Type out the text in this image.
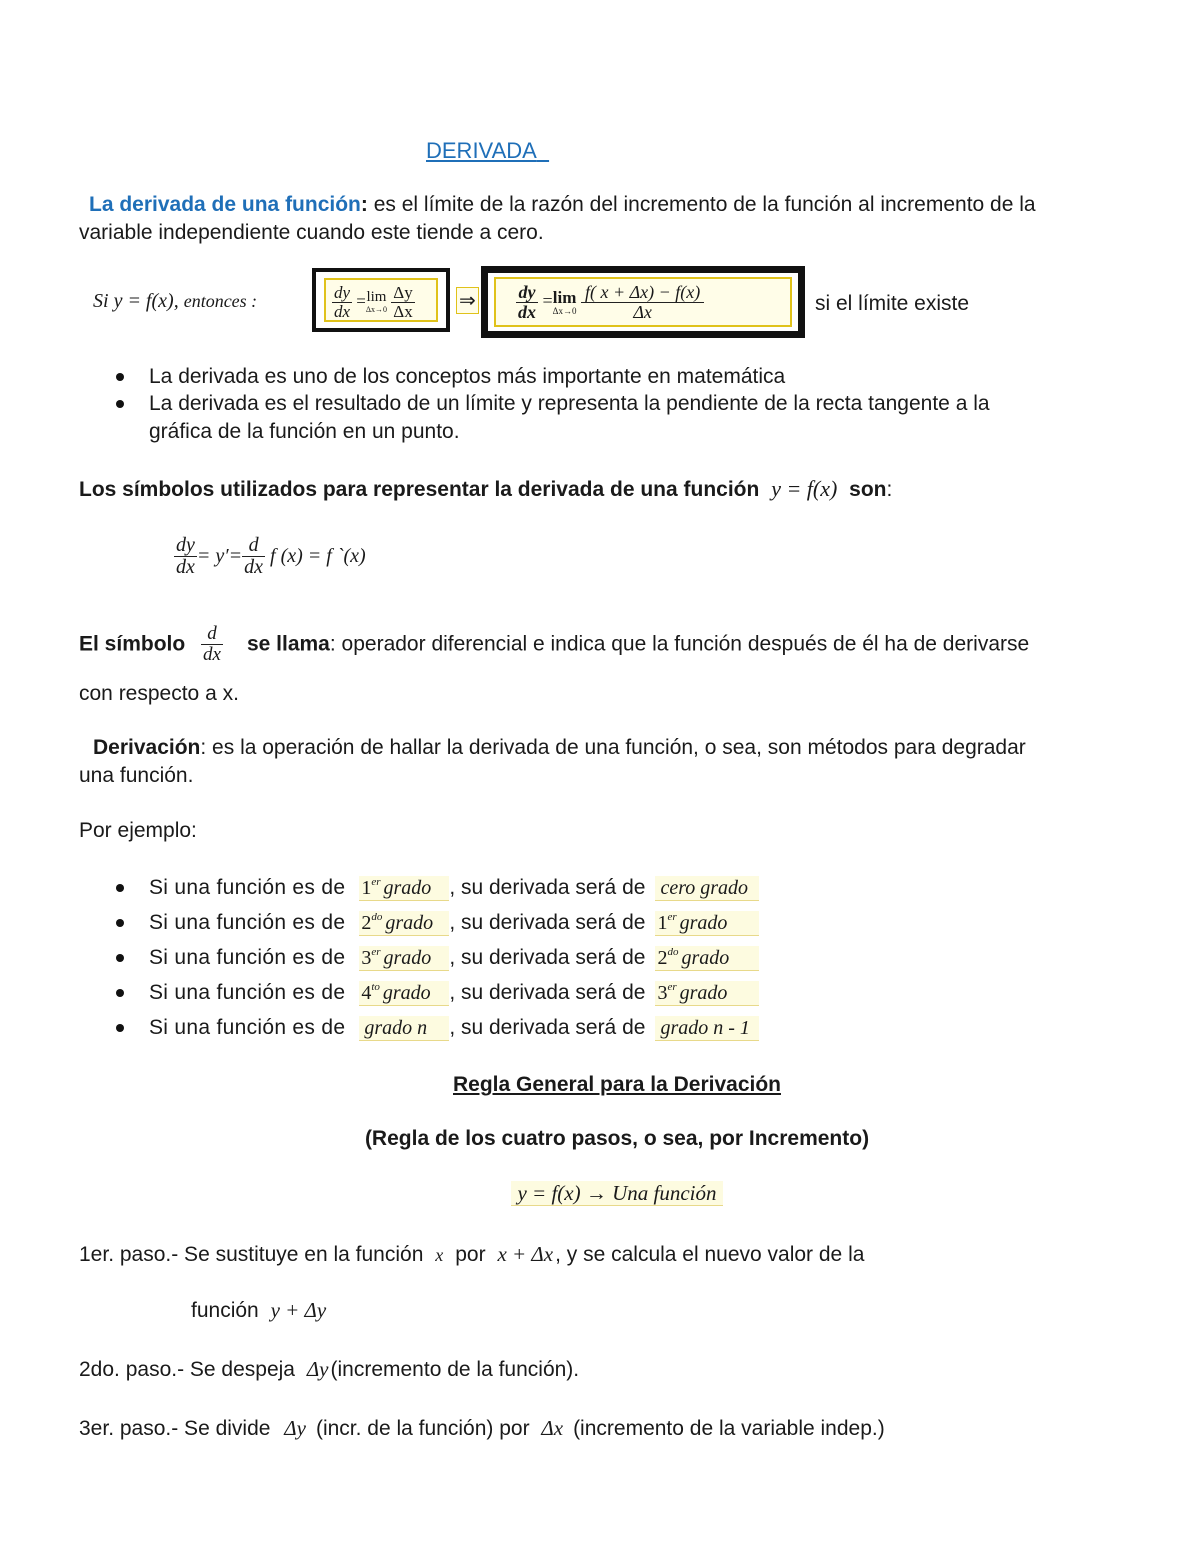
DERIVADA
La derivada de una función: es el límite de la razón del incremento de la función al incremento de la
variable independiente cuando este tiende a cero.
Si y = f(x), entonces :	$\frac{dy}{dx} = \lim$
Δx→0
$\frac{\Delta y}{\Delta x}$ ⇒ $\frac{dy}{dx} = \lim$
Δx→0
$\frac{f( x + \Delta x) - f(x)}{\Delta x}$	si el límite existe
La derivada es uno de los conceptos más importante en matemática
La derivada es el resultado de un límite y representa la pendiente de la recta tangente a la
gráfica de la función en un punto.
Los símbolos utilizados para representar la derivada de una función y = f(x) son:
$\frac{dy}{dx} = y'= \frac{d}{dx}$ f (x) = f `(x)
El símbolo $\frac{d}{dx}$ se llama: operador diferencial e indica que la función después de él ha de derivarse
con respecto a x.
Derivación: es la operación de hallar la derivada de una función, o sea, son métodos para degradar
una función.
Por ejemplo:
Si una función es de 1er grado , su derivada será de cero grado
Si una función es de $2^{do}$ grado , su derivada será de 1er grado
Si una función es de 3er grado , su derivada será de $2^{do}$ grado
Si una función es de $4^{to}$ grado , su derivada será de 3er grado
Si una función es de grado n , su derivada será de grado n - 1
Regla General para la Derivación
(Regla de los cuatro pasos, o sea, por Incremento)
y = f(x) → Una función
1er. paso.- Se sustituye en la función x por x + Δx, y se calcula el nuevo valor de la
función y + Δy
2do. paso.- Se despeja Δy(incremento de la función).
3er. paso.- Se divide Δy (incr. de la función) por Δx (incremento de la variable indep.)
